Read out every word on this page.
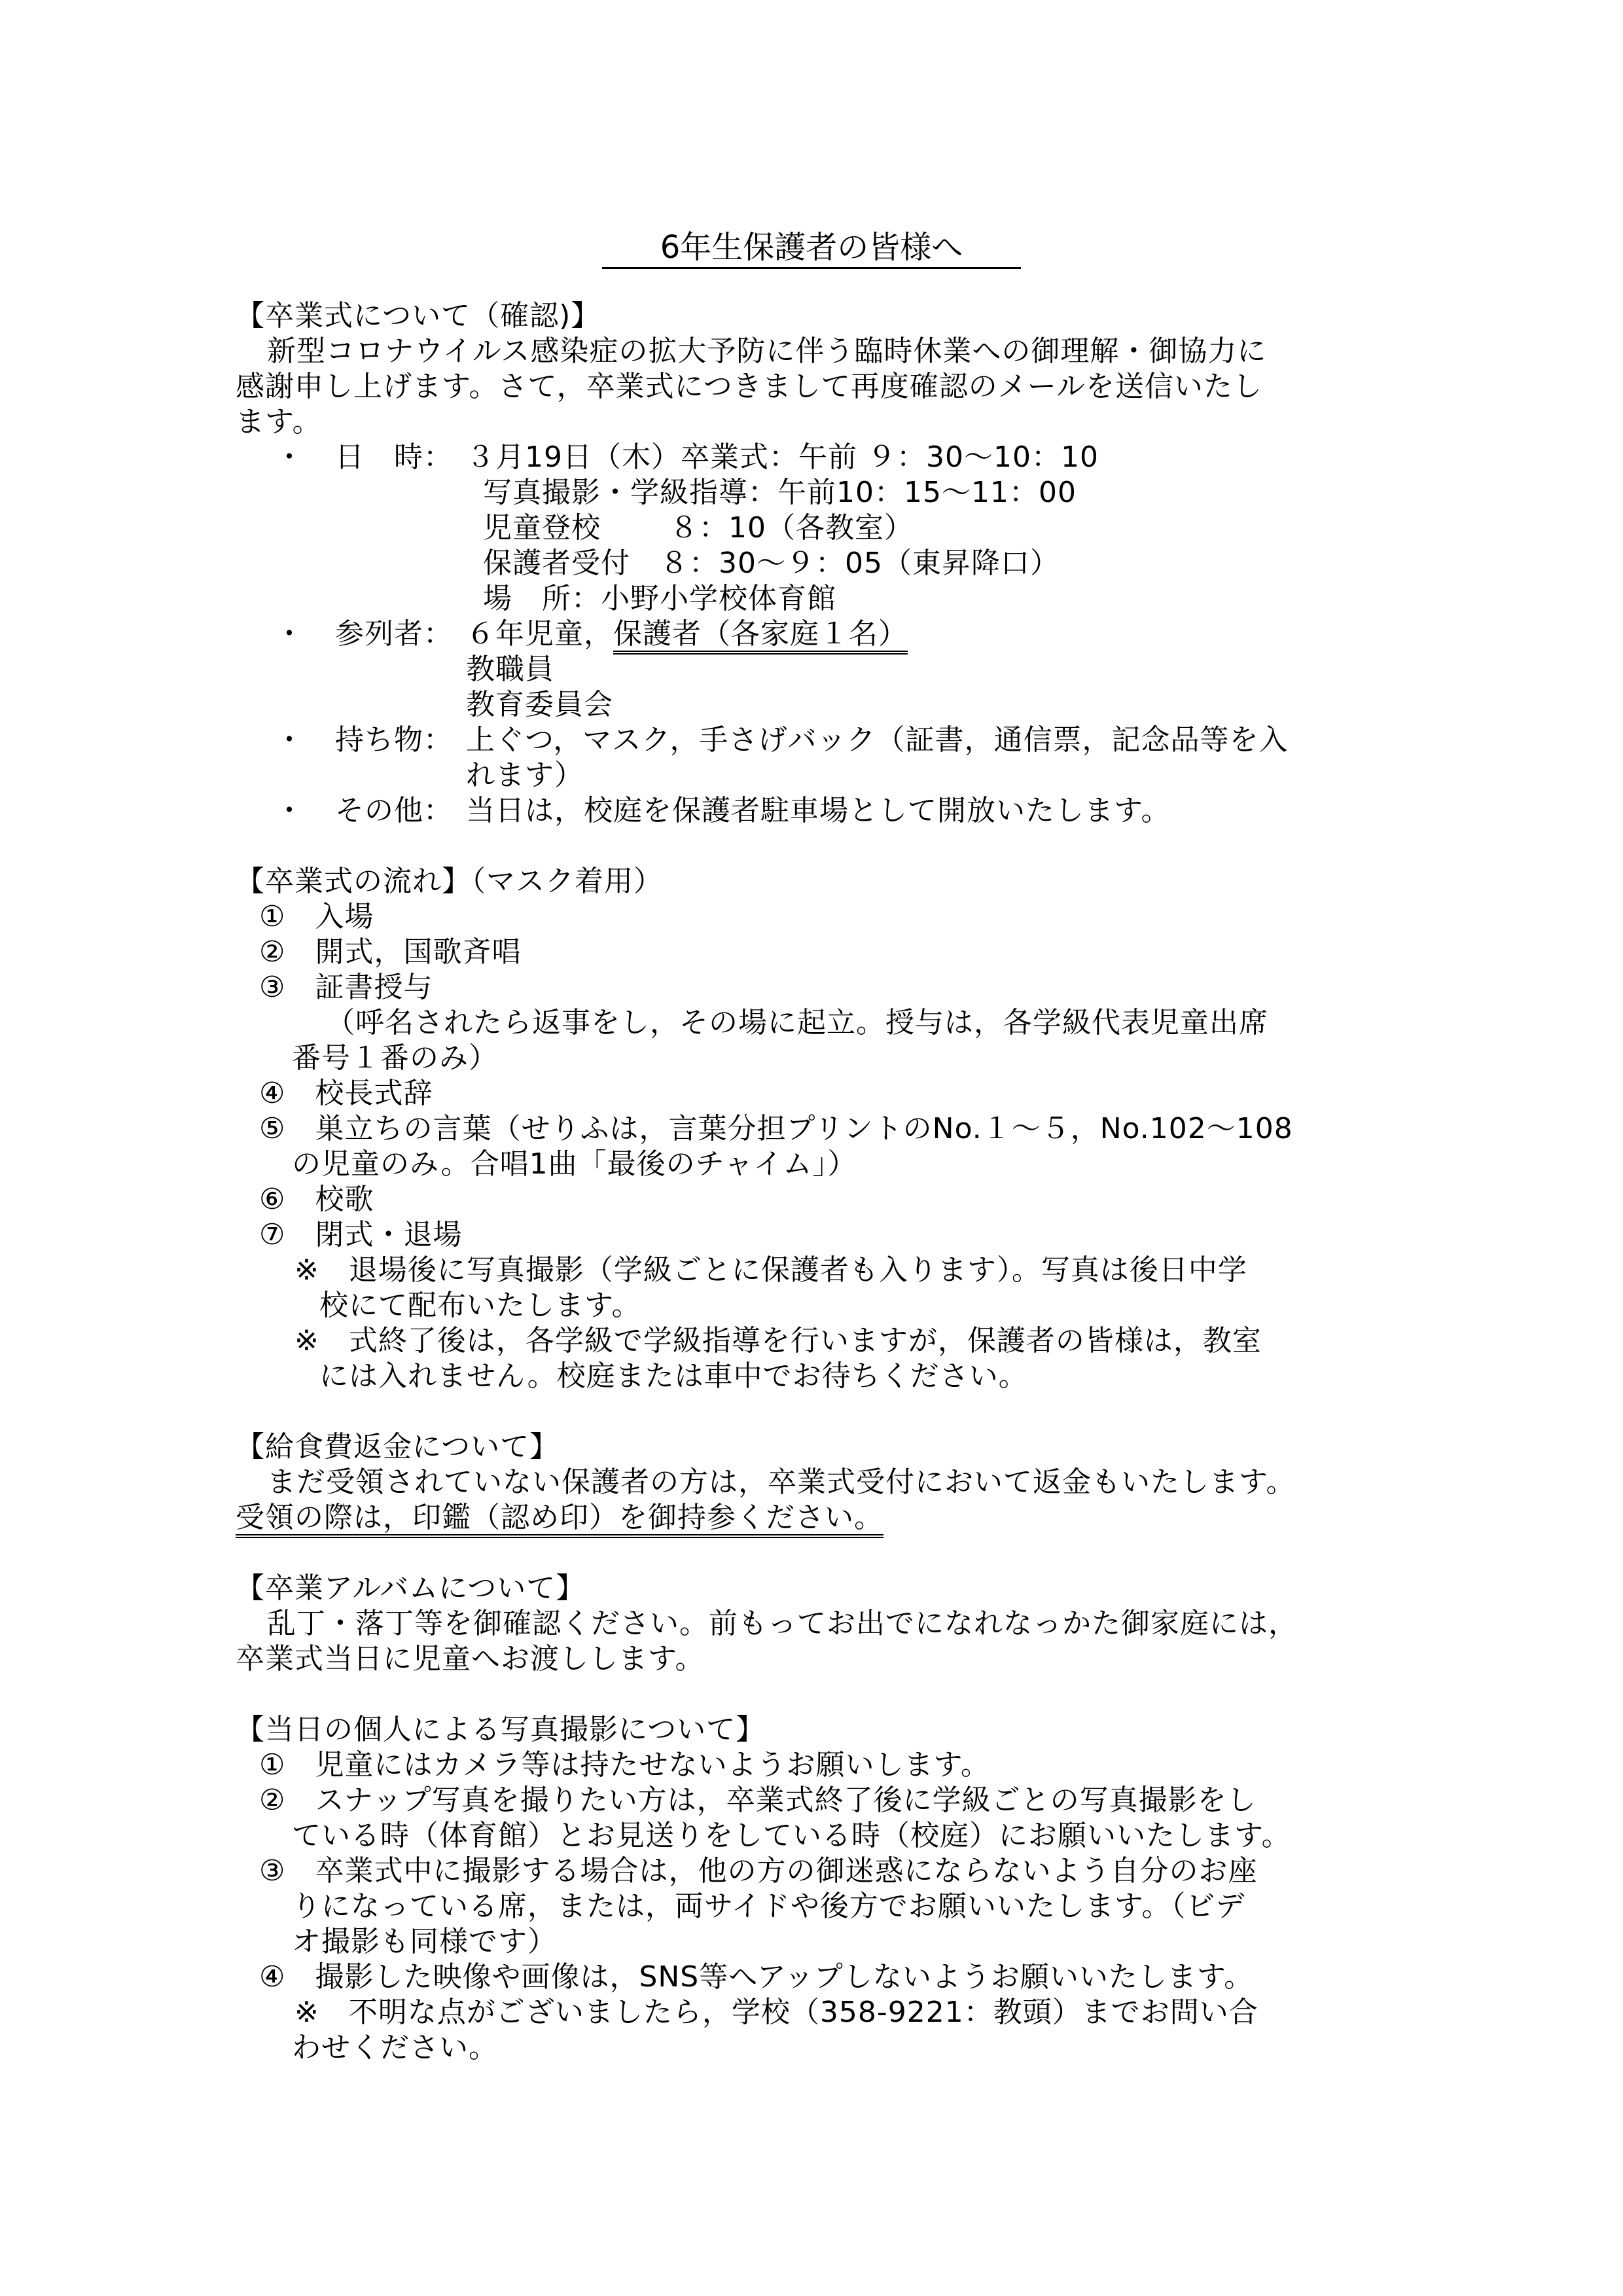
6年生保護者の皆様へ
【卒業式について（確認)】
新型コロナウイルス感染症の拡大予防に伴う臨時休業への御理解・御協力に
感謝申し上げます。さて，卒業式につきまして再度確認のメールを送信いたし
ます。
・ 日　時： ３月19日（木）卒業式：午前 ９：30～10：10
写真撮影・学級指導：午前10：15～11：00
児童登校　　 ８：10（各教室）
保護者受付　８：30～９：05（東昇降口）
場　所：小野小学校体育館
・ 参列者： ６年児童，保護者（各家庭１名）
教職員
教育委員会
・ 持ち物： 上ぐつ，マスク，手さげバック（証書，通信票，記念品等を入
れます）
・ その他： 当日は，校庭を保護者駐車場として開放いたします。
【卒業式の流れ】（マスク着用）
①　入場
②　開式，国歌斉唱
③　証書授与
（呼名されたら返事をし，その場に起立。授与は，各学級代表児童出席
番号１番のみ）
④　校長式辞
⑤　巣立ちの言葉（せりふは，言葉分担プリントのNo.１～５，No.102～108
の児童のみ。合唱1曲「最後のチャイム」）
⑥　校歌
⑦　閉式・退場
※　退場後に写真撮影（学級ごとに保護者も入ります）。写真は後日中学
校にて配布いたします。
※　式終了後は，各学級で学級指導を行いますが，保護者の皆様は，教室
には入れません。校庭または車中でお待ちください。
【給食費返金について】
まだ受領されていない保護者の方は，卒業式受付において返金もいたします。
受領の際は，印鑑（認め印）を御持参ください。
【卒業アルバムについて】
乱丁・落丁等を御確認ください。前もってお出でになれなっかた御家庭には，
卒業式当日に児童へお渡しします。
【当日の個人による写真撮影について】
①　児童にはカメラ等は持たせないようお願いします。
②　スナップ写真を撮りたい方は，卒業式終了後に学級ごとの写真撮影をし
ている時（体育館）とお見送りをしている時（校庭）にお願いいたします。
③　卒業式中に撮影する場合は，他の方の御迷惑にならないよう自分のお座
りになっている席，または，両サイドや後方でお願いいたします。（ビデ
オ撮影も同様です）
④　撮影した映像や画像は，SNS等へアップしないようお願いいたします。
※　不明な点がございましたら，学校（358-9221：教頭）までお問い合
わせください。
